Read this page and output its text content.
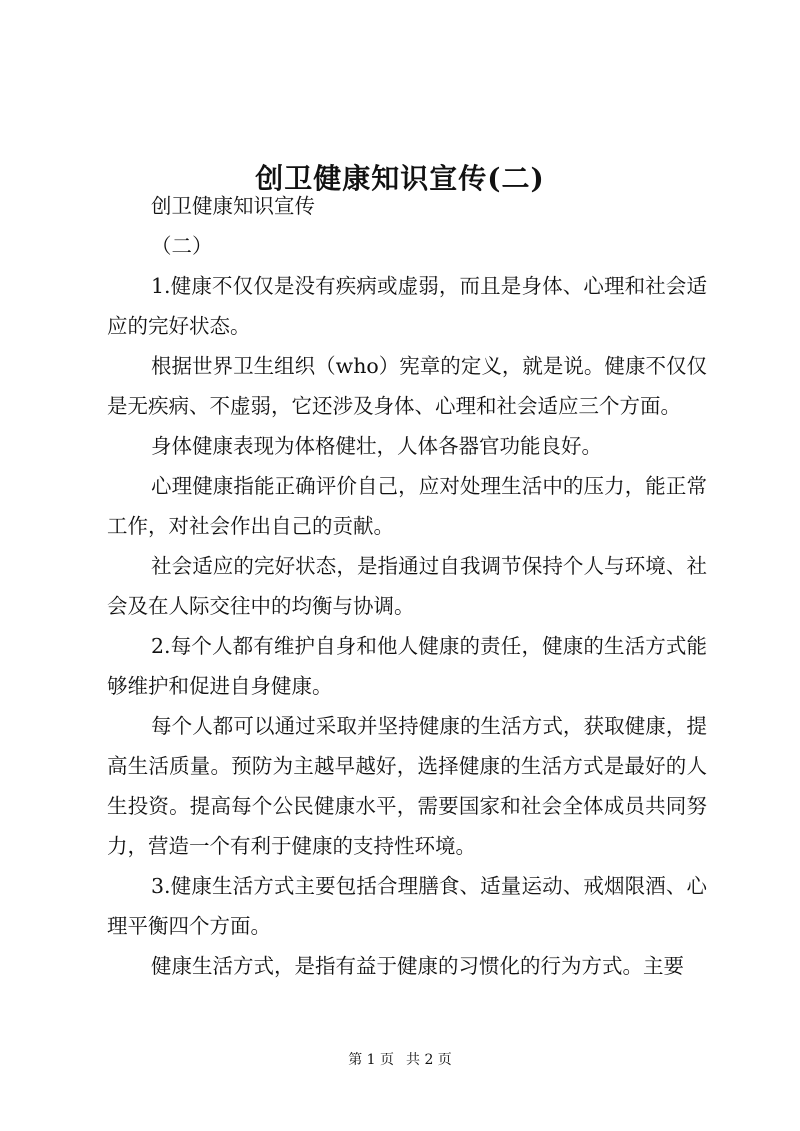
创卫健康知识宣传(二)

创卫健康知识宣传

（二）

1.健康不仅仅是没有疾病或虚弱，而且是身体、心理和社会适应的完好状态。

根据世界卫生组织（who）宪章的定义，就是说。健康不仅仅是无疾病、不虚弱，它还涉及身体、心理和社会适应三个方面。

身体健康表现为体格健壮，人体各器官功能良好。

心理健康指能正确评价自己，应对处理生活中的压力，能正常工作，对社会作出自己的贡献。

社会适应的完好状态，是指通过自我调节保持个人与环境、社会及在人际交往中的均衡与协调。

2.每个人都有维护自身和他人健康的责任，健康的生活方式能够维护和促进自身健康。

每个人都可以通过采取并坚持健康的生活方式，获取健康，提高生活质量。预防为主越早越好，选择健康的生活方式是最好的人生投资。提高每个公民健康水平，需要国家和社会全体成员共同努力，营造一个有利于健康的支持性环境。

3.健康生活方式主要包括合理膳食、适量运动、戒烟限酒、心理平衡四个方面。

健康生活方式，是指有益于健康的习惯化的行为方式。主要

第 1 页 共 2 页
